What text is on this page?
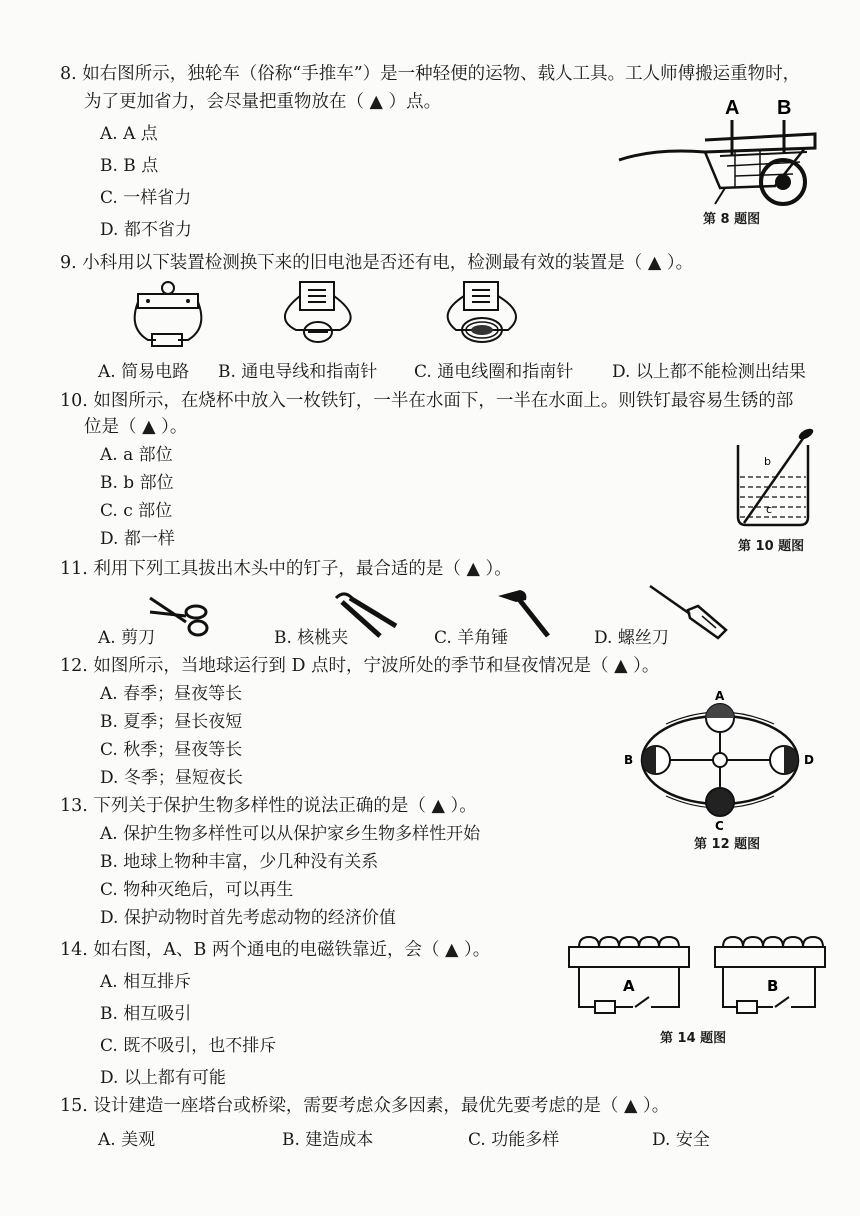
8. 如右图所示，独轮车（俗称“手推车”）是一种轻便的运物、载人工具。工人师傅搬运重物时，
为了更加省力，会尽量把重物放在（ ▲ ）点。
A. A 点
B. B 点
C. 一样省力
D. 都不省力
A B
第 8 题图
9. 小科用以下装置检测换下来的旧电池是否还有电，检测最有效的装置是（ ▲ ）。
A. 简易电路	B. 通电导线和指南针	C. 通电线圈和指南针	D. 以上都不能检测出结果
10. 如图所示，在烧杯中放入一枚铁钉，一半在水面下，一半在水面上。则铁钉最容易生锈的部
位是（ ▲ ）。
A. a 部位
B. b 部位
C. c 部位
D. 都一样
b
c
第 10 题图
11. 利用下列工具拔出木头中的钉子，最合适的是（ ▲ ）。
A. 剪刀	B. 核桃夹	C. 羊角锤	D. 螺丝刀
12. 如图所示，当地球运行到 D 点时，宁波所处的季节和昼夜情况是（ ▲ ）。
A. 春季；昼夜等长
B. 夏季；昼长夜短
C. 秋季；昼夜等长
D. 冬季；昼短夜长
A
B
C
D
第 12 题图
13. 下列关于保护生物多样性的说法正确的是（ ▲ ）。
A. 保护生物多样性可以从保护家乡生物多样性开始
B. 地球上物种丰富，少几种没有关系
C. 物种灭绝后，可以再生
D. 保护动物时首先考虑动物的经济价值
14. 如右图，A、B 两个通电的电磁铁靠近，会（ ▲ ）。
A. 相互排斥
B. 相互吸引
C. 既不吸引，也不排斥
D. 以上都有可能
A	B
第 14 题图
15. 设计建造一座塔台或桥梁，需要考虑众多因素，最优先要考虑的是（ ▲ ）。
A. 美观	B. 建造成本	C. 功能多样	D. 安全
